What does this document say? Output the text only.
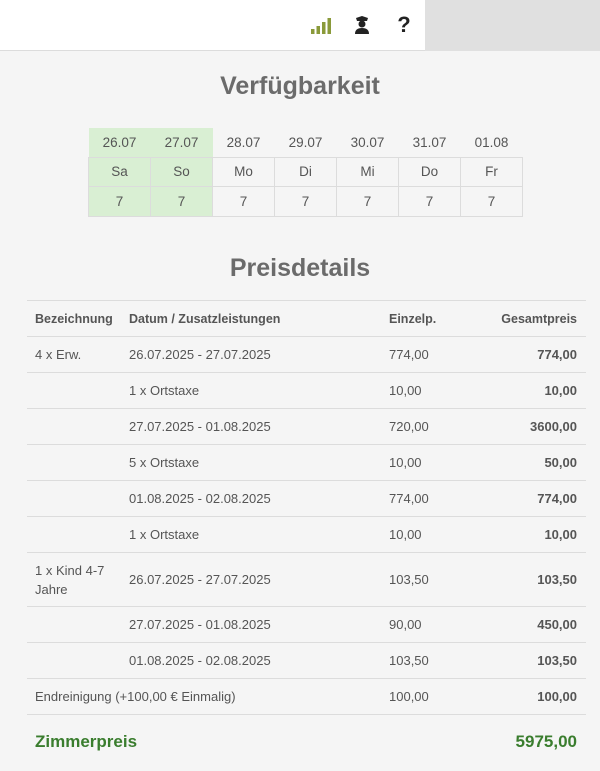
?
Verfügbarkeit
26.07	27.07	28.07	29.07	30.07	31.07	01.08
Sa	So	Mo	Di	Mi	Do	Fr
7	7	7	7	7	7	7
Preisdetails
Bezeichnung	Datum / Zusatzleistungen	Einzelp.	Gesamtpreis
4 x Erw.	26.07.2025 - 27.07.2025	774,00	774,00
	1 x Ortstaxe	10,00	10,00
	27.07.2025 - 01.08.2025	720,00	3600,00
	5 x Ortstaxe	10,00	50,00
	01.08.2025 - 02.08.2025	774,00	774,00
	1 x Ortstaxe	10,00	10,00
1 x Kind 4-7 Jahre	26.07.2025 - 27.07.2025	103,50	103,50
	27.07.2025 - 01.08.2025	90,00	450,00
	01.08.2025 - 02.08.2025	103,50	103,50
Endreinigung (+100,00 € Einmalig)		100,00	100,00
Zimmerpreis	5975,00
